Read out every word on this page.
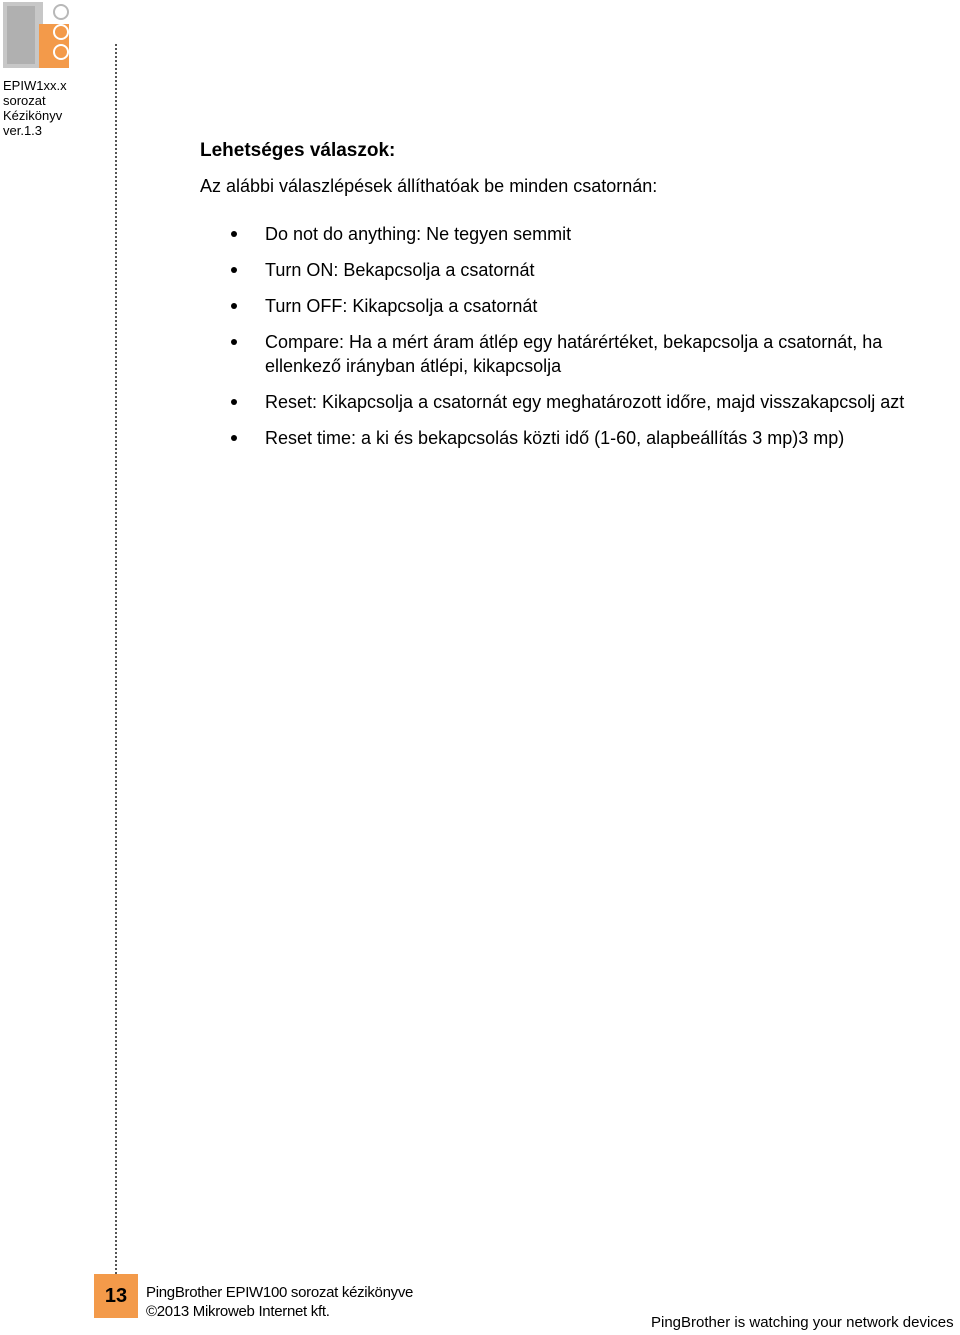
EPIW1xx.x
sorozat
Kézikönyv
ver.1.3
Lehetséges válaszok:
Az alábbi válaszlépések állíthatóak be minden csatornán:
Do not do anything: Ne tegyen semmit
Turn ON: Bekapcsolja a csatornát
Turn OFF: Kikapcsolja a csatornát
Compare: Ha a mért áram átlép egy határértéket, bekapcsolja a csatornát, ha ellenkező irányban átlépi, kikapcsolja
Reset: Kikapcsolja a csatornát egy meghatározott időre, majd visszakapcsolj azt
Reset time: a ki és bekapcsolás közti idő (1-60, alapbeállítás 3 mp)3 mp)
13	PingBrother EPIW100 sorozat kézikönyve
©2013 Mikroweb Internet kft.
PingBrother is watching your network devices
